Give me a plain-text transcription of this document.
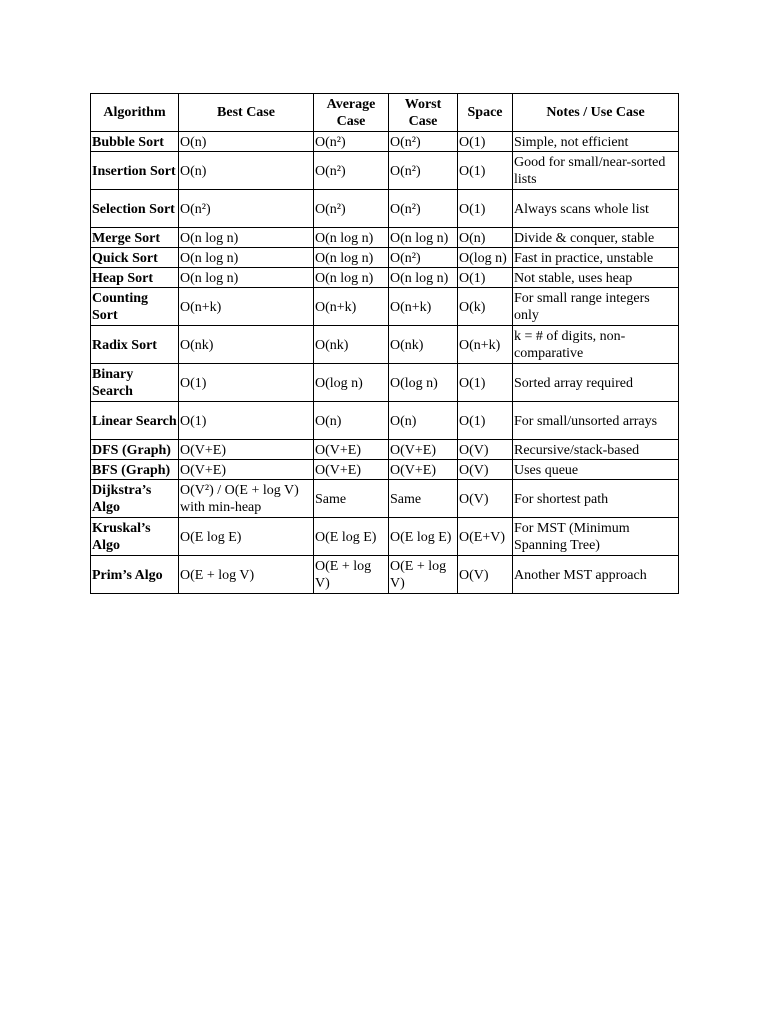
Algorithm	Best Case	Average Case	Worst Case	Space	Notes / Use Case
Bubble Sort	O(n)	O(n²)	O(n²)	O(1)	Simple, not efficient
Insertion Sort	O(n)	O(n²)	O(n²)	O(1)	Good for small/near-sorted lists
Selection Sort	O(n²)	O(n²)	O(n²)	O(1)	Always scans whole list
Merge Sort	O(n log n)	O(n log n)	O(n log n)	O(n)	Divide & conquer, stable
Quick Sort	O(n log n)	O(n log n)	O(n²)	O(log n)	Fast in practice, unstable
Heap Sort	O(n log n)	O(n log n)	O(n log n)	O(1)	Not stable, uses heap
Counting Sort	O(n+k)	O(n+k)	O(n+k)	O(k)	For small range integers only
Radix Sort	O(nk)	O(nk)	O(nk)	O(n+k)	k = # of digits, non-comparative
Binary Search	O(1)	O(log n)	O(log n)	O(1)	Sorted array required
Linear Search	O(1)	O(n)	O(n)	O(1)	For small/unsorted arrays
DFS (Graph)	O(V+E)	O(V+E)	O(V+E)	O(V)	Recursive/stack-based
BFS (Graph)	O(V+E)	O(V+E)	O(V+E)	O(V)	Uses queue
Dijkstra’s Algo	O(V²) / O(E + log V) with min-heap	Same	Same	O(V)	For shortest path
Kruskal’s Algo	O(E log E)	O(E log E)	O(E log E)	O(E+V)	For MST (Minimum Spanning Tree)
Prim’s Algo	O(E + log V)	O(E + log V)	O(E + log V)	O(V)	Another MST approach
